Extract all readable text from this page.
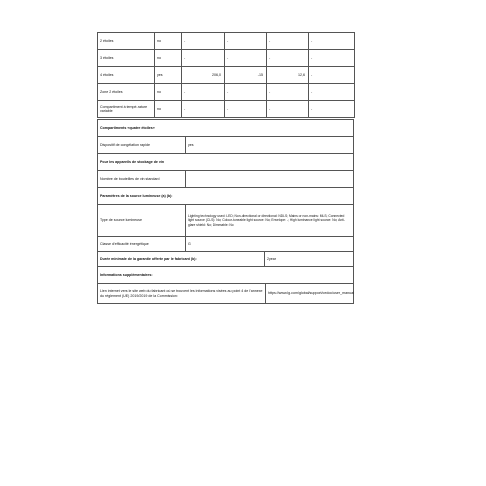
2 étoiles	no	-	-	-	-
3 étoiles	no	-	-	-	-
4 étoiles	yes	206,0	-15	12,6	-
Zone 2 étoiles	no	-	-	-	-
Compartiment à tempé-rature variable	no	-	-	-	-
Compartiments «quatre étoiles»
Dispositif de congélation rapide	yes
Pour les appareils de stockage de vin
Nombre de bouteilles de vin standard	
Paramètres de la source lumineuse (a) (b):		
Type de source lumineuse	Lighting technology used: LED; Non-directional or directional: NDLS; Mains or non-mains: MLS; Connected light source (CLS): No; Colour-tuneable light source: No; Envelope: -; High luminance light source: No; Anti-glare shield: No; Dimmable: No	
Classe d'efficacité énergétique	G	
Durée minimale de la garantie offerte par le fabricant (b):		2year
Informations supplémentaires:
Lien internet vers le site web du fabricant où se trouvent les informations visées au point 4 de l'annexe du règlement (UE) 2019/2019 de la Commission:	https://www.lg.com/global/support/cedoc/user_manual
